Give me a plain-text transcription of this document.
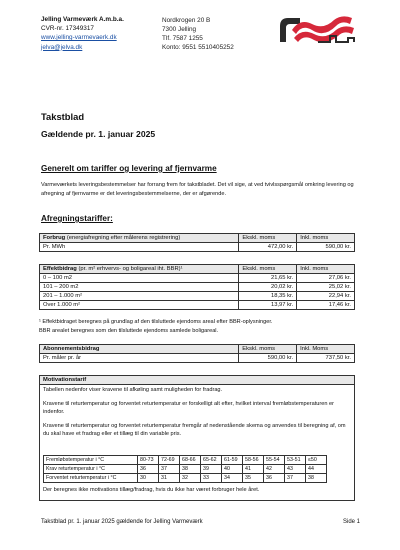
Jelling Varmeværk A.m.b.a.
CVR-nr. 17349317
www.jelling-varmevaerk.dk
jelva@jelva.dk
Nordkrogen 20 B
7300 Jelling
Tlf. 7587 1255
Konto: 9551 5510405252
Takstblad
Gældende pr. 1. januar 2025
Generelt om tariffer og levering af fjernvarme
Varmeværkets leveringsbestemmelser har forrang frem for takstbladet. Det vil sige, at ved tvivlsspørgsmål omkring levering og afregning af fjernvarme er det leveringsbestemmelserne, der er afgørende.
Afregningstariffer:
Forbrug (energiafregning efter målerens registrering)	Ekskl. moms	Inkl. moms
Pr. MWh	472,00 kr.	590,00 kr.
Effektbidrag (pr. m² erhvervs- og boligareal iht. BBR)¹	Ekskl. moms	Inkl. moms
0 – 100 m2	21,65 kr.	27,06 kr.
101 – 200 m2	20,02 kr.	25,02 kr.
201 – 1.000 m²	18,35 kr.	22,94 kr.
Over 1.000 m²	13,97 kr.	17,46 kr.
¹ Effektbidraget beregnes på grundlag af den tilsluttede ejendoms areal efter BBR-oplysninger.
BBR arealet beregnes som den tilsluttede ejendoms samlede boligareal.
Abonnementsbidrag	Ekskl. moms	Inkl. Moms
Pr. måler pr. år	590,00 kr.	737,50 kr.
Motivationstarif

Tabellen nedenfor viser kravene til afkøling samt muligheden for fradrag.

Kravene til returtemperatur og forventet returtemperatur er forskelligt alt efter, hvilket interval fremløbstemperaturen er indenfor.

Kravene til returtemperatur og forventet returtemperatur fremgår af nedenstående skema og anvendes til beregning af, om du skal have et fradrag eller et tillæg til din variable pris.

Fremløbstemperatur i °C	80-73	72-69	68-66	65-62	61-59	58-56	55-54	53-51	≤50
Krav returtemperatur i °C	36	37	38	39	40	41	42	43	44
Forventet returtemperatur i °C	30	31	32	33	34	35	36	37	38

Der beregnes ikke motivations tillæg/fradrag, hvis du ikke har været forbruger hele året.

Takstblad pr. 1. januar 2025 gældende for Jelling Varmeværk	Side 1
